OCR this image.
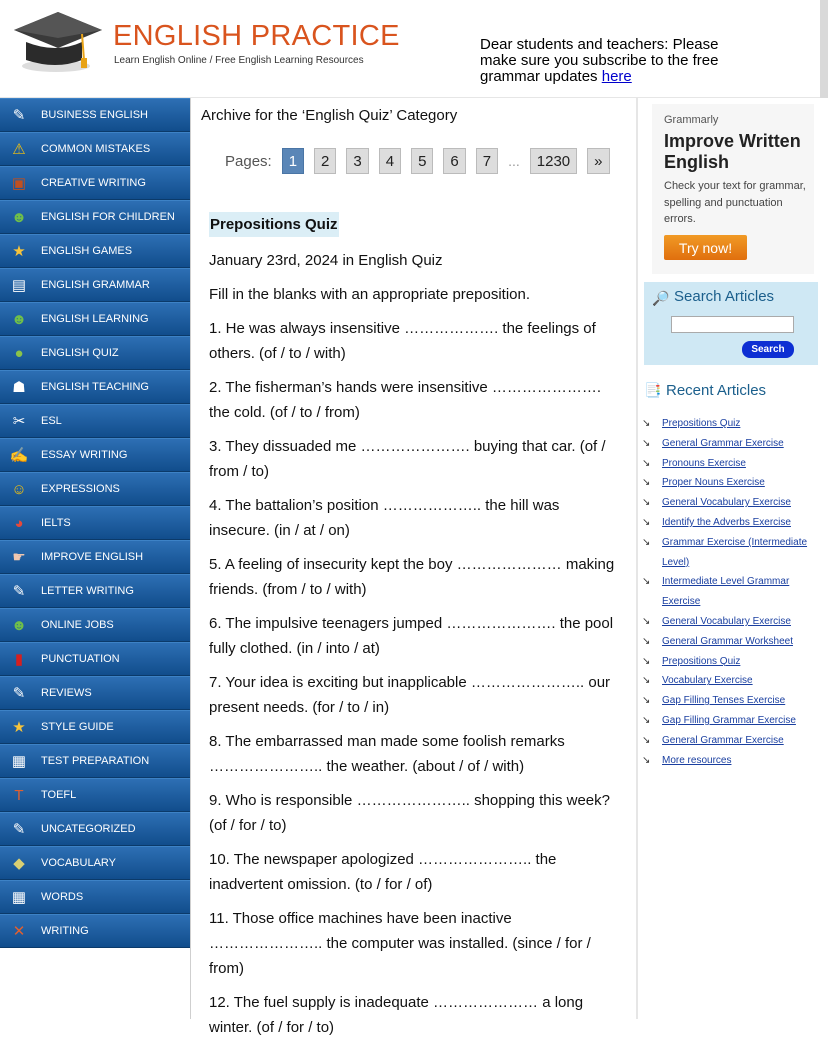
ENGLISH PRACTICE
Learn English Online / Free English Learning Resources
Dear students and teachers: Please make sure you subscribe to the free grammar updates here
✎	BUSINESS ENGLISH
⚠	COMMON MISTAKES
▣	CREATIVE WRITING
☻ ENGLISH FOR CHILDREN
★	ENGLISH GAMES
▤	ENGLISH GRAMMAR
☻ ENGLISH LEARNING
●	ENGLISH QUIZ
☗	ENGLISH TEACHING
✂	ESL
✍ ESSAY WRITING
☺	EXPRESSIONS
◕	IELTS
☛	IMPROVE ENGLISH
✎	LETTER WRITING
☻ ONLINE JOBS
▮	PUNCTUATION
✎	REVIEWS
★	STYLE GUIDE
▦	TEST PREPARATION
T	TOEFL
✎	UNCATEGORIZED
◆	VOCABULARY
▦	WORDS
✕	WRITING
Archive for the ‘English Quiz’ Category
Pages:	1	2	3	4	5	6	7	...	1230	»
Prepositions Quiz
January 23rd, 2024 in English Quiz
Fill in the blanks with an appropriate preposition.
1. He was always insensitive ………………. the feelings of others. (of / to / with)
2. The fisherman’s hands were insensitive …………………. the cold. (of / to / from)
3. They dissuaded me …………………. buying that car. (of / from / to)
4. The battalion’s position ……………….. the hill was insecure. (in / at / on)
5. A feeling of insecurity kept the boy ………………… making friends. (from / to / with)
6. The impulsive teenagers jumped …………………. the pool fully clothed. (in / into / at)
7. Your idea is exciting but inapplicable ………………….. our present needs. (for / to / in)
8. The embarrassed man made some foolish remarks ………………….. the weather. (about / of / with)
9. Who is responsible ………………….. shopping this week? (of / for / to)
10. The newspaper apologized ………………….. the inadvertent omission. (to / for / of)
11. Those office machines have been inactive ………………….. the computer was installed. (since / for / from)
12. The fuel supply is inadequate ………………… a long winter. (of / for / to)
Grammarly
Improve Written English
Check your text for grammar, spelling and punctuation errors.
Try now!
🔎 Search Articles
Search
📑 Recent Articles
↘	Prepositions Quiz
↘	General Grammar Exercise
↘	Pronouns Exercise
↘	Proper Nouns Exercise
↘	General Vocabulary Exercise
↘	Identify the Adverbs Exercise
↘	Grammar Exercise (Intermediate Level)
↘	Intermediate Level Grammar Exercise
↘	General Vocabulary Exercise
↘	General Grammar Worksheet
↘	Prepositions Quiz
↘	Vocabulary Exercise
↘	Gap Filling Tenses Exercise
↘	Gap Filling Grammar Exercise
↘	General Grammar Exercise
↘	More resources
